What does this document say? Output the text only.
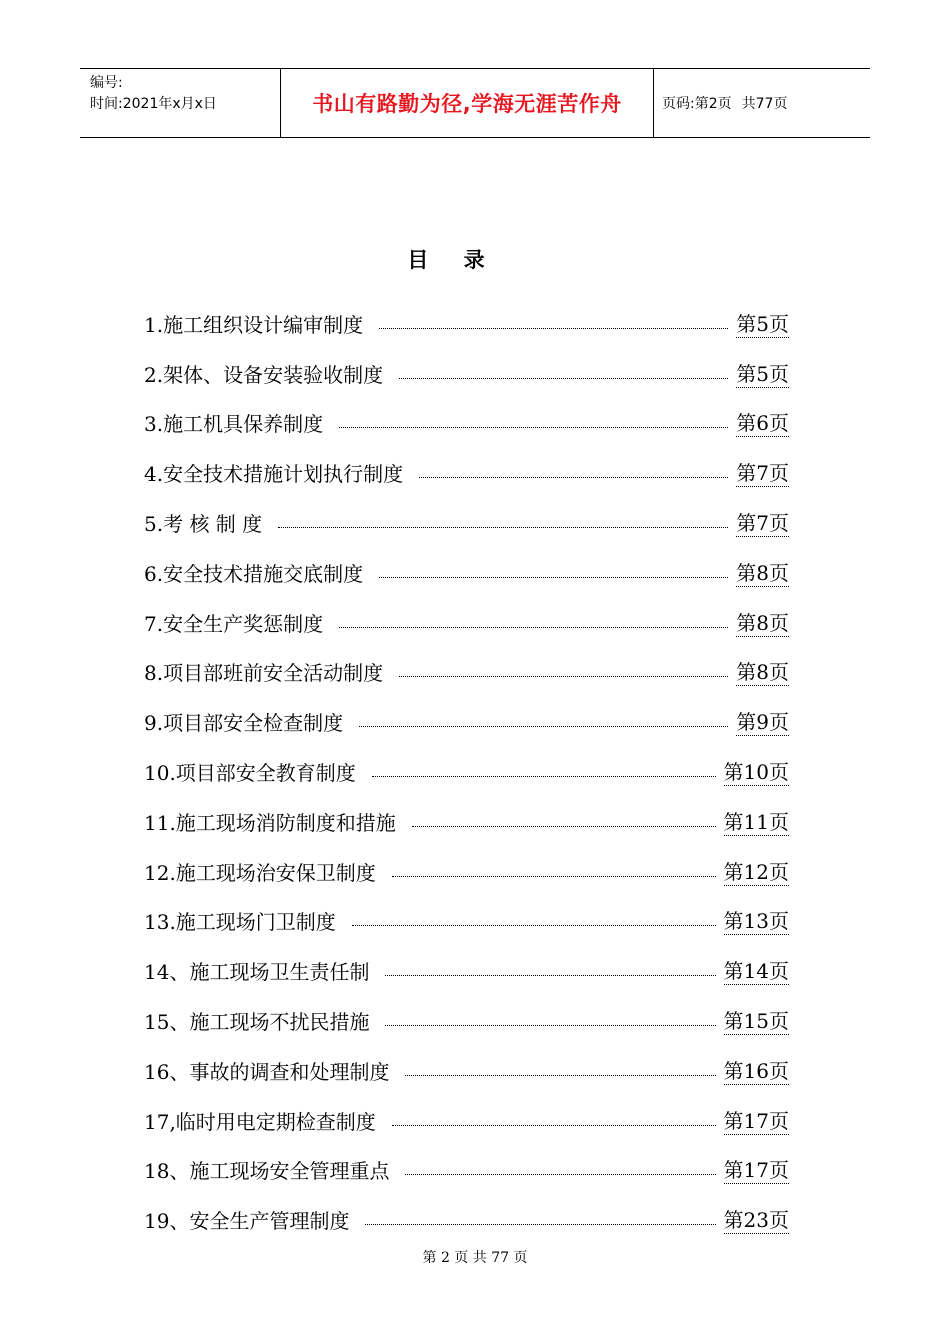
编号:
时间:2021年x月x日	书山有路勤为径,学海无涯苦作舟	页码:第2页 共77页
目 录
1.施工组织设计编审制度	第5页
2.架体、设备安装验收制度	第5页
3.施工机具保养制度	第6页
4.安全技术措施计划执行制度	第7页
5.考 核 制 度	第7页
6.安全技术措施交底制度	第8页
7.安全生产奖惩制度	第8页
8.项目部班前安全活动制度	第8页
9.项目部安全检查制度	第9页
10.项目部安全教育制度	第10页
11.施工现场消防制度和措施	第11页
12.施工现场治安保卫制度	第12页
13.施工现场门卫制度	第13页
14、施工现场卫生责任制	第14页
15、施工现场不扰民措施	第15页
16、事故的调查和处理制度	第16页
17,临时用电定期检查制度	第17页
18、施工现场安全管理重点	第17页
19、安全生产管理制度	第23页
第 2 页 共 77 页
